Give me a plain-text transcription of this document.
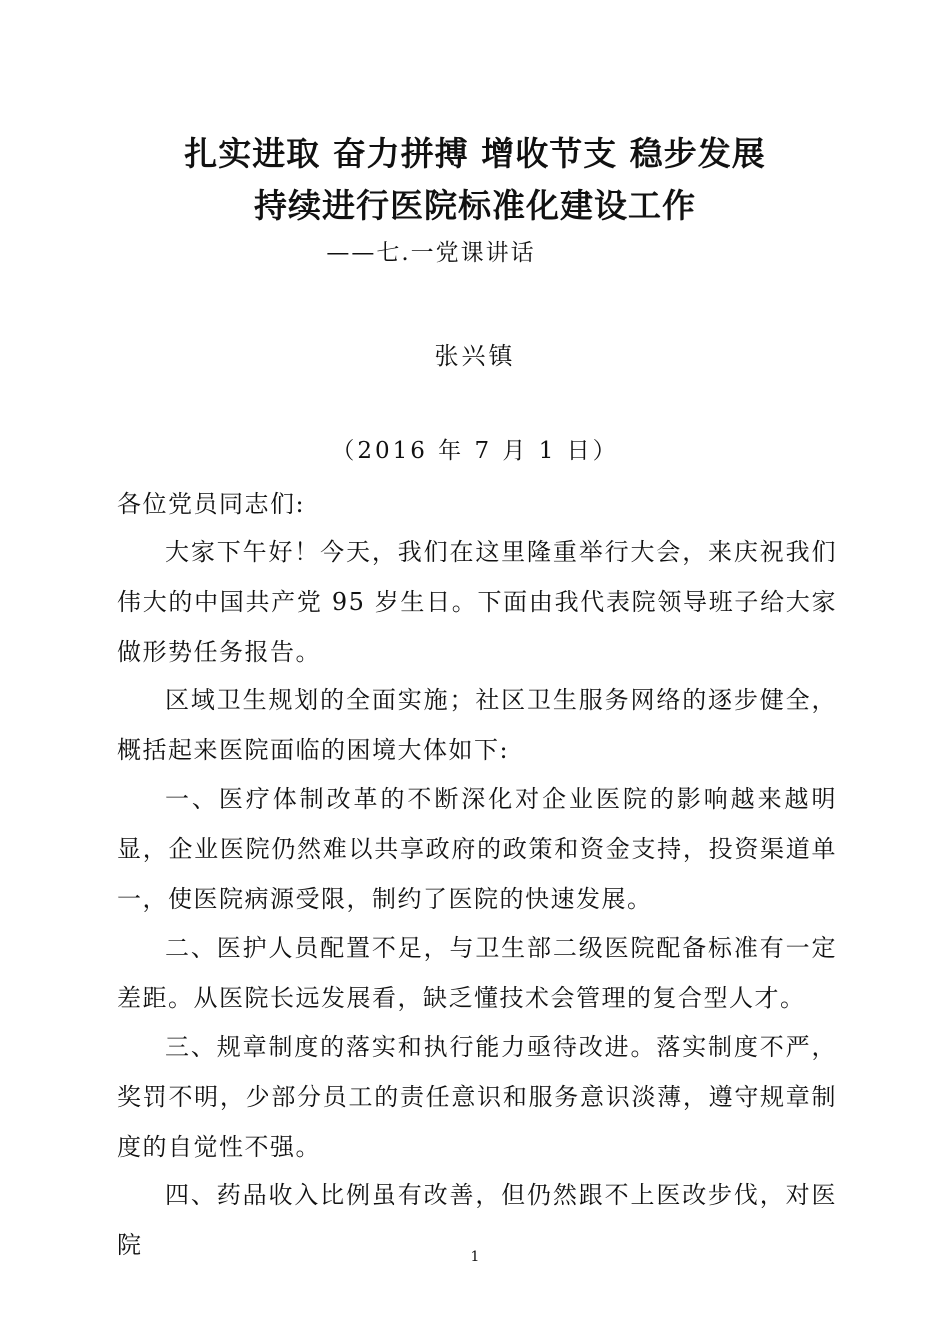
扎实进取 奋力拼搏 增收节支 稳步发展
持续进行医院标准化建设工作
——七.一党课讲话
张兴镇
（2016 年 7 月 1 日）
各位党员同志们:
大家下午好！今天，我们在这里隆重举行大会，来庆祝我们伟大的中国共产党 95 岁生日。下面由我代表院领导班子给大家做形势任务报告。
区域卫生规划的全面实施；社区卫生服务网络的逐步健全，概括起来医院面临的困境大体如下:
一、医疗体制改革的不断深化对企业医院的影响越来越明显，企业医院仍然难以共享政府的政策和资金支持，投资渠道单一，使医院病源受限，制约了医院的快速发展。
二、医护人员配置不足，与卫生部二级医院配备标准有一定差距。从医院长远发展看，缺乏懂技术会管理的复合型人才。
三、规章制度的落实和执行能力亟待改进。落实制度不严，奖罚不明，少部分员工的责任意识和服务意识淡薄，遵守规章制度的自觉性不强。
四、药品收入比例虽有改善，但仍然跟不上医改步伐，对医院	1
